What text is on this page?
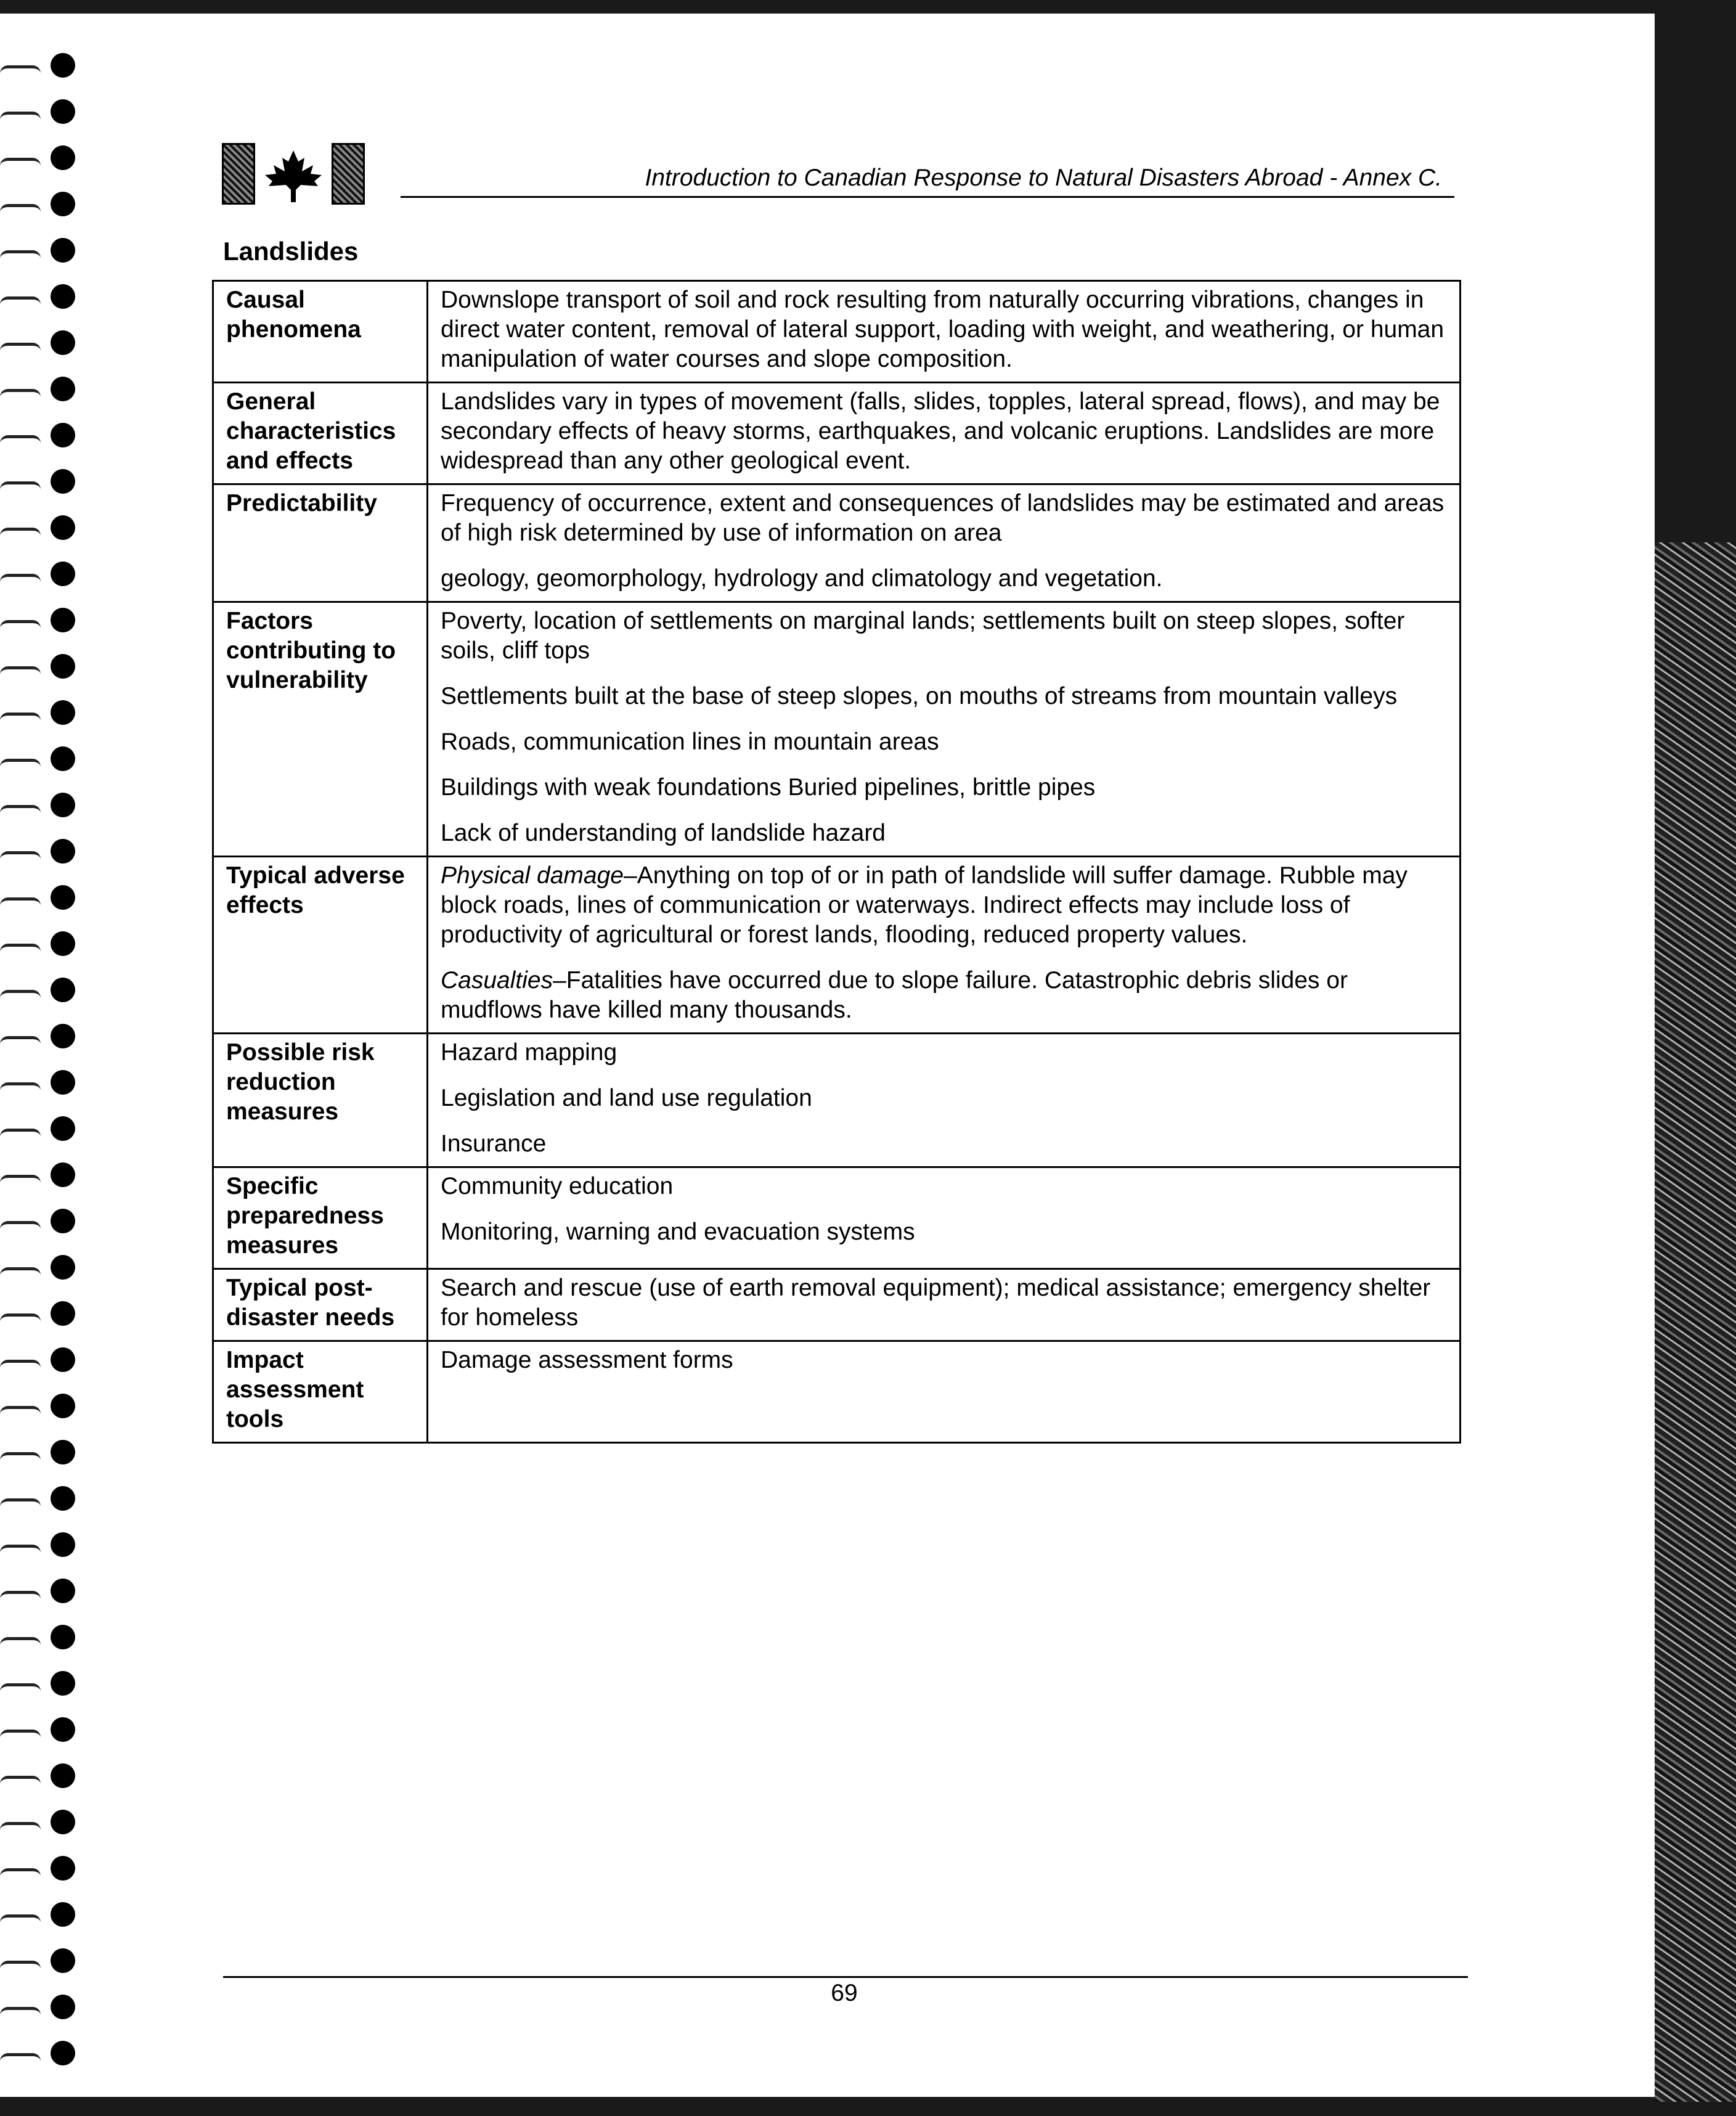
Introduction to Canadian Response to Natural Disasters Abroad - Annex C.
Landslides
Causal
phenomena	Downslope transport of soil and rock resulting from naturally occurring vibrations, changes in direct water content, removal of lateral support, loading with weight, and weathering, or human manipulation of water courses and slope composition.

General characteristics and effects	Landslides vary in types of movement (falls, slides, topples, lateral spread, flows), and may be secondary effects of heavy storms, earthquakes, and volcanic eruptions. Landslides are more widespread than any other geological event.

Predictability	Frequency of occurrence, extent and consequences of landslides may be estimated and areas of high risk determined by use of information on area

geology, geomorphology, hydrology and climatology and vegetation.

Factors contributing to vulnerability	Poverty, location of settlements on marginal lands; settlements built on steep slopes, softer soils, cliff tops

Settlements built at the base of steep slopes, on mouths of streams from mountain valleys

Roads, communication lines in mountain areas

Buildings with weak foundations Buried pipelines, brittle pipes

Lack of understanding of landslide hazard

Typical adverse effects	Physical damage–Anything on top of or in path of landslide will suffer damage. Rubble may block roads, lines of communication or waterways. Indirect effects may include loss of productivity of agricultural or forest lands, flooding, reduced property values.

Casualties–Fatalities have occurred due to slope failure. Catastrophic debris slides or mudflows have killed many thousands.

Possible risk reduction measures	Hazard mapping

Legislation and land use regulation

Insurance

Specific preparedness measures	Community education

Monitoring, warning and evacuation systems

Typical post-disaster needs	Search and rescue (use of earth removal equipment); medical assistance; emergency shelter for homeless

Impact assessment tools	Damage assessment forms

69
